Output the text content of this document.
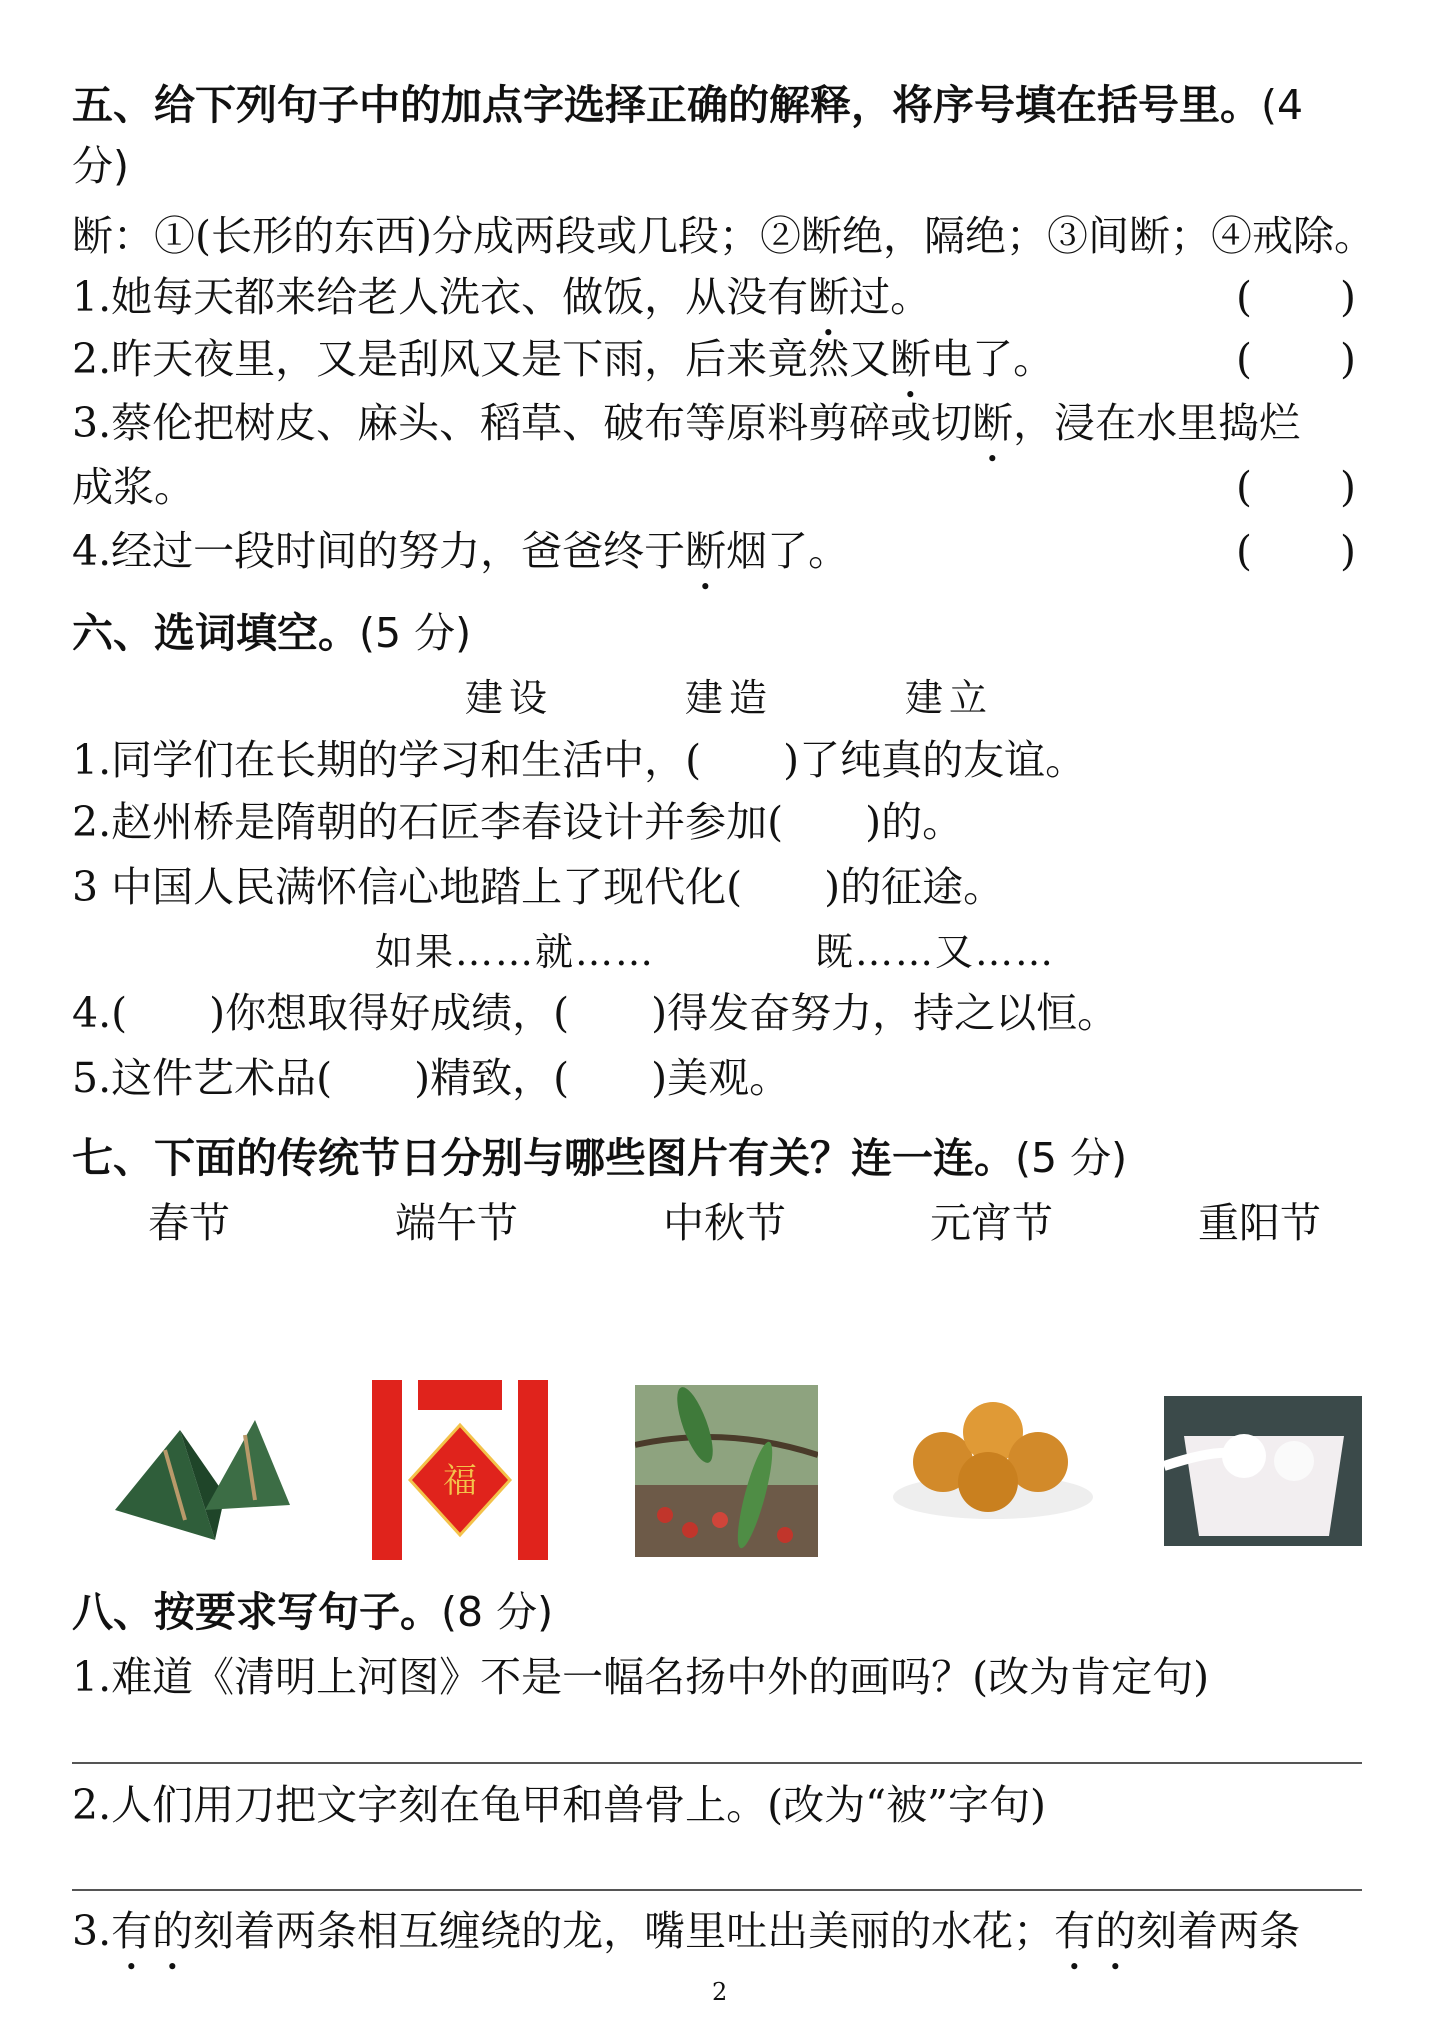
五、给下列句子中的加点字选择正确的解释，将序号填在括号里。(4
分)
断：①(长形的东西)分成两段或几段；②断绝，隔绝；③间断；④戒除。
1.她每天都来给老人洗衣、做饭，从没有断过。	( )
2.昨天夜里，又是刮风又是下雨，后来竟然又断电了。	( )
3.蔡伦把树皮、麻头、稻草、破布等原料剪碎或切断，浸在水里捣烂
成浆。	( )
4.经过一段时间的努力，爸爸终于断烟了。	( )
六、选词填空。(5 分)
建设	建造	建立
1.同学们在长期的学习和生活中，(　　)了纯真的友谊。
2.赵州桥是隋朝的石匠李春设计并参加(　　)的。
3 中国人民满怀信心地踏上了现代化(　　)的征途。
如果……就……	既……又……
4.(　　)你想取得好成绩，(　　)得发奋努力，持之以恒。
5.这件艺术品(　　)精致，(　　)美观。
七、下面的传统节日分别与哪些图片有关？连一连。(5 分)
春节	端午节	中秋节	元宵节	重阳节
福
八、按要求写句子。(8 分)
1.难道《清明上河图》不是一幅名扬中外的画吗？(改为肯定句)
2.人们用刀把文字刻在龟甲和兽骨上。(改为“被”字句)
3.有的刻着两条相互缠绕的龙，嘴里吐出美丽的水花；有的刻着两条
2
